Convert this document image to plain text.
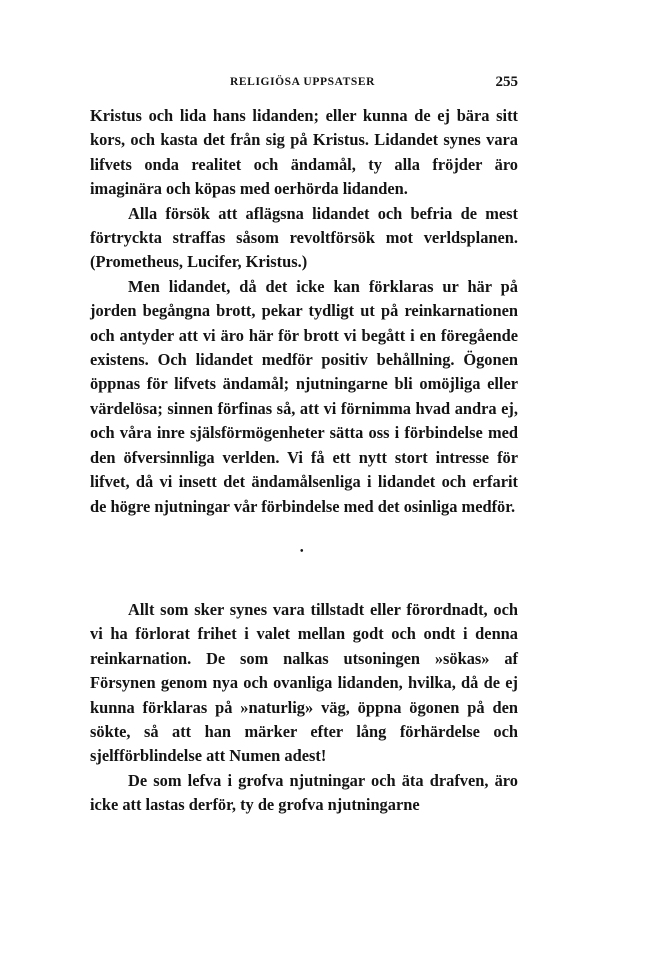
RELIGIÖSA UPPSATSER	255

Kristus och lida hans lidanden; eller kunna de ej bära sitt kors, och kasta det från sig på Kristus. Lidandet synes vara lifvets onda realitet och ändamål, ty alla fröjder äro imaginära och köpas med oerhörda lidanden.

Alla försök att aflägsna lidandet och befria de mest förtryckta straffas såsom revoltförsök mot verldsplanen. (Prometheus, Lucifer, Kristus.)

Men lidandet, då det icke kan förklaras ur här på jorden begångna brott, pekar tydligt ut på reinkarnationen och antyder att vi äro här för brott vi begått i en föregående existens. Och lidandet medför positiv behållning. Ögonen öppnas för lifvets ändamål; njutningarne bli omöjliga eller värdelösa; sinnen förfinas så, att vi förnimma hvad andra ej, och våra inre själsförmögenheter sätta oss i förbindelse med den öfversinnliga verlden. Vi få ett nytt stort intresse för lifvet, då vi insett det ändamålsenliga i lidandet och erfarit de högre njutningar vår förbindelse med det osinliga medför.

•

Allt som sker synes vara tillstadt eller förordnadt, och vi ha förlorat frihet i valet mellan godt och ondt i denna reinkarnation. De som nalkas utsoningen »sökas» af Försynen genom nya och ovanliga lidanden, hvilka, då de ej kunna förklaras på »naturlig» väg, öppna ögonen på den sökte, så att han märker efter lång förhärdelse och sjelfförblindelse att Numen adest!

De som lefva i grofva njutningar och äta drafven, äro icke att lastas derför, ty de grofva njutningarne
